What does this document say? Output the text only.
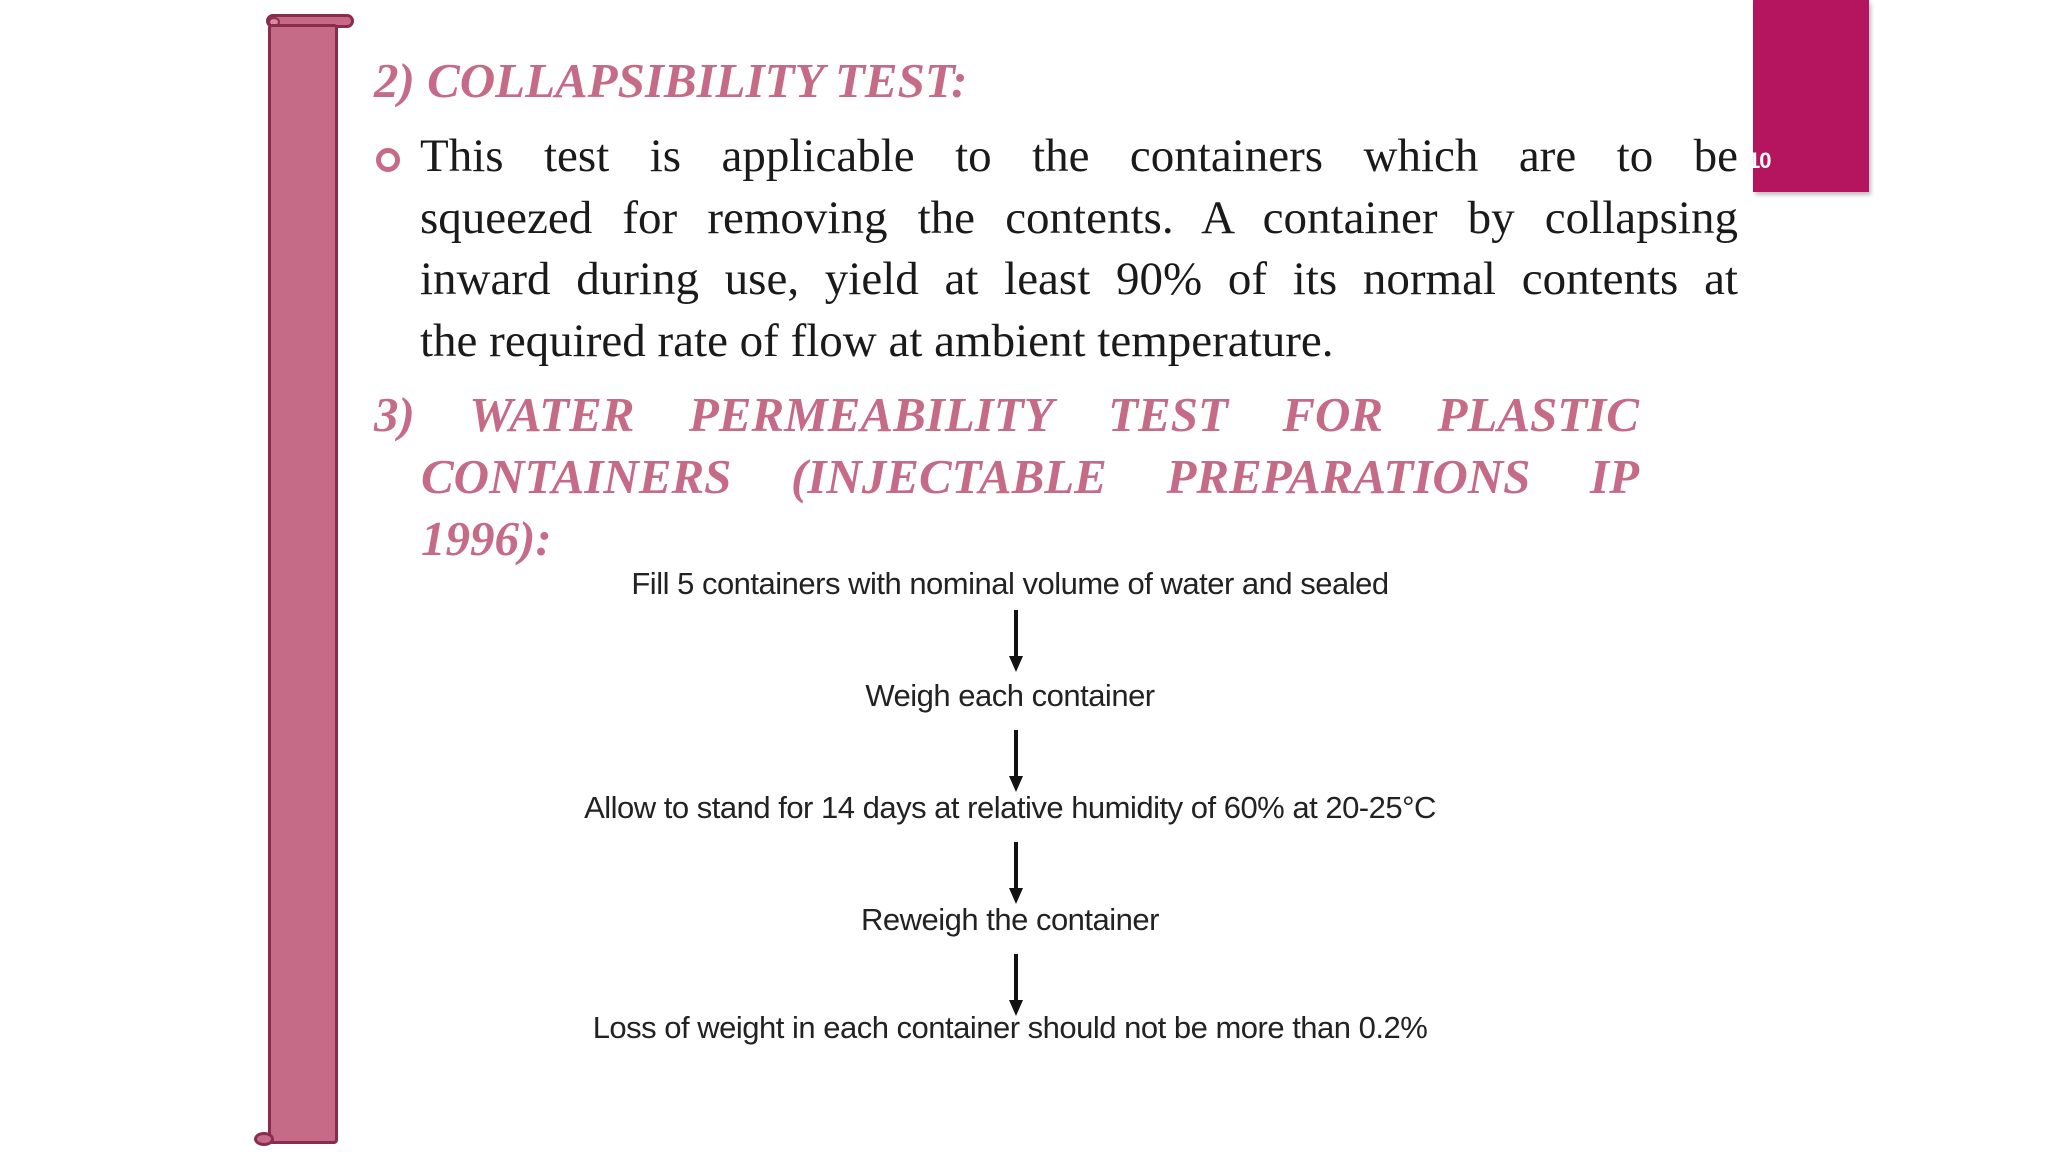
10
2) COLLAPSIBILITY TEST:
This test is applicable to the containers which are to be
squeezed for removing the contents. A container by collapsing
inward during use, yield at least 90% of its normal contents at
the required rate of flow at ambient temperature.
3) WATER PERMEABILITY TEST FOR PLASTIC
CONTAINERS (INJECTABLE PREPARATIONS IP
1996):
Fill 5 containers with nominal volume of water and sealed
Weigh each container
Allow to stand for 14 days at relative humidity of 60% at 20-25°C
Reweigh the container
Loss of weight in each container should not be more than 0.2%
